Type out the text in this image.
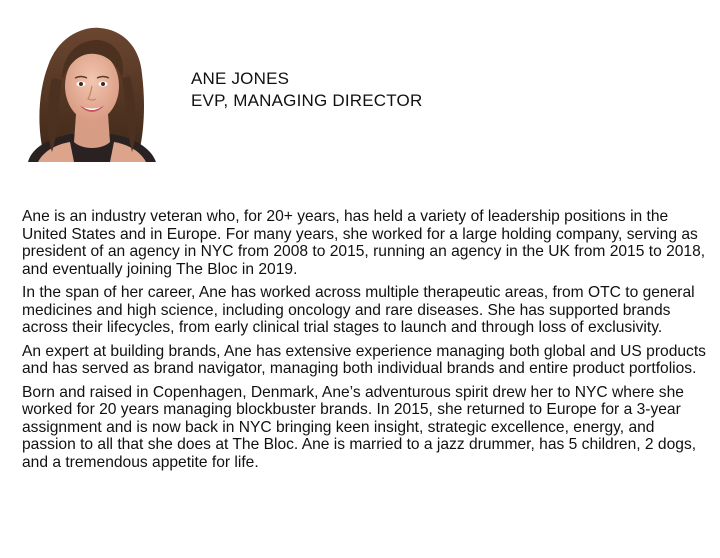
ANE JONES
EVP, MANAGING DIRECTOR

Ane is an industry veteran who, for 20+ years, has held a variety of leadership positions in the United States and in Europe. For many years, she worked for a large holding company, serving as president of an agency in NYC from 2008 to 2015, running an agency in the UK from 2015 to 2018, and eventually joining The Bloc in 2019.

In the span of her career, Ane has worked across multiple therapeutic areas, from OTC to general medicines and high science, including oncology and rare diseases. She has supported brands across their lifecycles, from early clinical trial stages to launch and through loss of exclusivity.

An expert at building brands, Ane has extensive experience managing both global and US products and has served as brand navigator, managing both individual brands and entire product portfolios.

Born and raised in Copenhagen, Denmark, Ane’s adventurous spirit drew her to NYC where she worked for 20 years managing blockbuster brands. In 2015, she returned to Europe for a 3-year assignment and is now back in NYC bringing keen insight, strategic excellence, energy, and passion to all that she does at The Bloc. Ane is married to a jazz drummer, has 5 children, 2 dogs, and a tremendous appetite for life.
